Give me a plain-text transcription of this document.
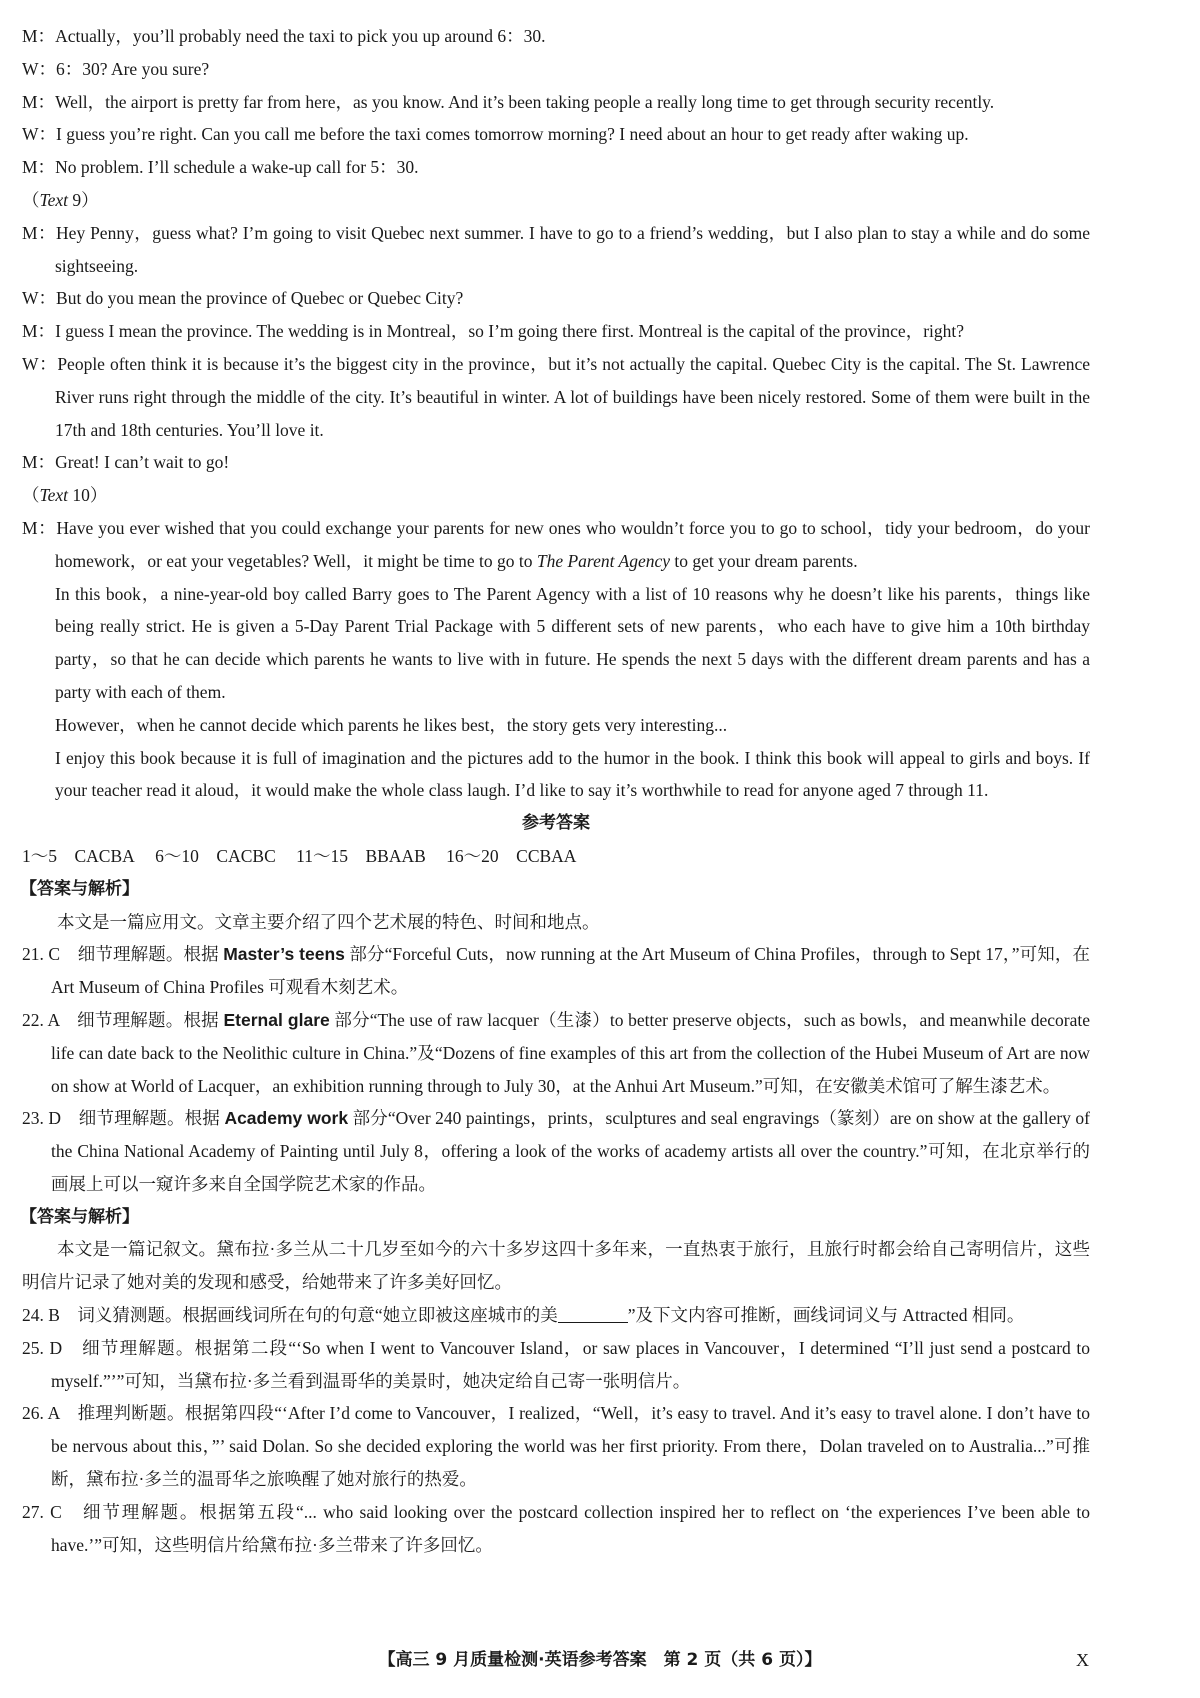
M：Actually，you’ll probably need the taxi to pick you up around 6：30.
W：6：30? Are you sure?
M：Well，the airport is pretty far from here，as you know. And it’s been taking people a really long time to get through security recently.
W：I guess you’re right. Can you call me before the taxi comes tomorrow morning? I need about an hour to get ready after waking up.
M：No problem. I’ll schedule a wake-up call for 5：30.
（Text 9）
M：Hey Penny，guess what? I’m going to visit Quebec next summer. I have to go to a friend’s wedding，but I also plan to stay a while and do some sightseeing.
W：But do you mean the province of Quebec or Quebec City?
M：I guess I mean the province. The wedding is in Montreal，so I’m going there first. Montreal is the capital of the province，right?
W：People often think it is because it’s the biggest city in the province，but it’s not actually the capital. Quebec City is the capital. The St. Lawrence River runs right through the middle of the city. It’s beautiful in winter. A lot of buildings have been nicely restored. Some of them were built in the 17th and 18th centuries. You’ll love it.
M：Great! I can’t wait to go!
（Text 10）
M：Have you ever wished that you could exchange your parents for new ones who wouldn’t force you to go to school，tidy your bedroom，do your homework，or eat your vegetables? Well，it might be time to go to The Parent Agency to get your dream parents.
In this book，a nine-year-old boy called Barry goes to The Parent Agency with a list of 10 reasons why he doesn’t like his parents，things like being really strict. He is given a 5-Day Parent Trial Package with 5 different sets of new parents，who each have to give him a 10th birthday party，so that he can decide which parents he wants to live with in future. He spends the next 5 days with the different dream parents and has a party with each of them.
However，when he cannot decide which parents he likes best，the story gets very interesting...
I enjoy this book because it is full of imagination and the pictures add to the humor in the book. I think this book will appeal to girls and boys. If your teacher read it aloud，it would make the whole class laugh. I’d like to say it’s worthwhile to read for anyone aged 7 through 11.
参考答案
1～5　CACBA 6～10　CACBC 11～15　BBAAB 16～20　CCBAA
【答案与解析】
本文是一篇应用文。文章主要介绍了四个艺术展的特色、时间和地点。
21. C　细节理解题。根据 Master’s teens 部分“Forceful Cuts，now running at the Art Museum of China Profiles，through to Sept 17，”可知，在 Art Museum of China Profiles 可观看木刻艺术。
22. A　细节理解题。根据 Eternal glare 部分“The use of raw lacquer（生漆）to better preserve objects，such as bowls，and meanwhile decorate life can date back to the Neolithic culture in China.”及“Dozens of fine examples of this art from the collection of the Hubei Museum of Art are now on show at World of Lacquer，an exhibition running through to July 30，at the Anhui Art Museum.”可知，在安徽美术馆可了解生漆艺术。
23. D　细节理解题。根据 Academy work 部分“Over 240 paintings，prints，sculptures and seal engravings（篆刻）are on show at the gallery of the China National Academy of Painting until July 8，offering a look of the works of academy artists all over the country.”可知，在北京举行的画展上可以一窥许多来自全国学院艺术家的作品。
【答案与解析】
本文是一篇记叙文。黛布拉·多兰从二十几岁至如今的六十多岁这四十多年来，一直热衷于旅行，且旅行时都会给自己寄明信片，这些明信片记录了她对美的发现和感受，给她带来了许多美好回忆。
24. B　词义猜测题。根据画线词所在句的句意“她立即被这座城市的美	”及下文内容可推断，画线词词义与 Attracted 相同。
25. D　细节理解题。根据第二段“‘So when I went to Vancouver Island，or saw places in Vancouver，I determined “I’ll just send a postcard to myself.”’”可知，当黛布拉·多兰看到温哥华的美景时，她决定给自己寄一张明信片。
26. A　推理判断题。根据第四段“‘After I’d come to Vancouver，I realized，“Well，it’s easy to travel. And it’s easy to travel alone. I don’t have to be nervous about this，”’ said Dolan. So she decided exploring the world was her first priority. From there，Dolan traveled on to Australia...”可推断，黛布拉·多兰的温哥华之旅唤醒了她对旅行的热爱。
27. C　细节理解题。根据第五段“... who said looking over the postcard collection inspired her to reflect on ‘the experiences I’ve been able to have.’”可知，这些明信片给黛布拉·多兰带来了许多回忆。
【高三 9 月质量检测·英语参考答案　第 2 页（共 6 页）】	X
